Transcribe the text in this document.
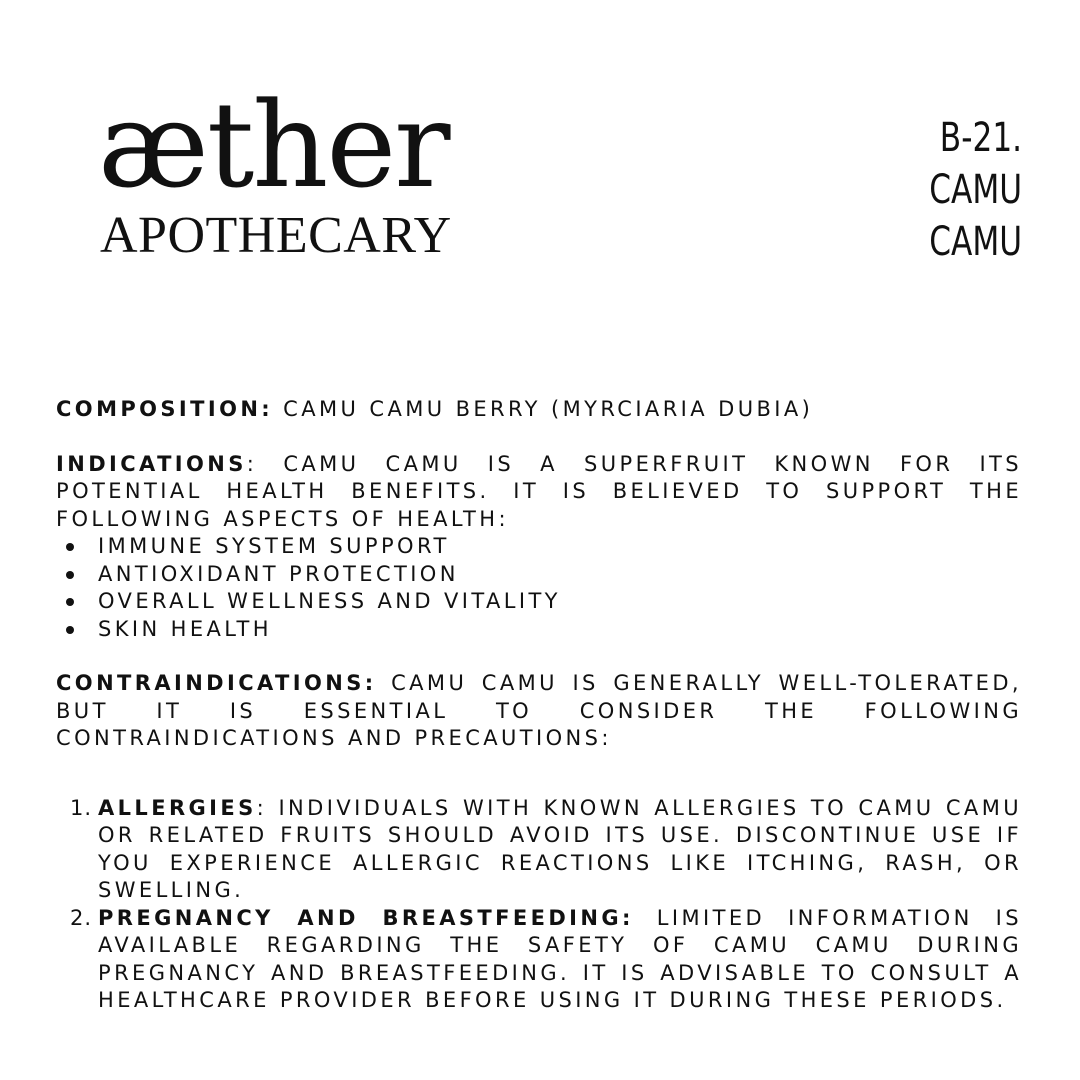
æther
APOTHECARY
B-21.
CAMU
CAMU

COMPOSITION: CAMU CAMU BERRY (MYRCIARIA DUBIA)

INDICATIONS: CAMU CAMU IS A SUPERFRUIT KNOWN FOR ITS POTENTIAL HEALTH BENEFITS. IT IS BELIEVED TO SUPPORT THE FOLLOWING ASPECTS OF HEALTH:

IMMUNE SYSTEM SUPPORT
ANTIOXIDANT PROTECTION
OVERALL WELLNESS AND VITALITY
SKIN HEALTH

CONTRAINDICATIONS: CAMU CAMU IS GENERALLY WELL-TOLERATED, BUT IT IS ESSENTIAL TO CONSIDER THE FOLLOWING CONTRAINDICATIONS AND PRECAUTIONS:

1. ALLERGIES: INDIVIDUALS WITH KNOWN ALLERGIES TO CAMU CAMU OR RELATED FRUITS SHOULD AVOID ITS USE. DISCONTINUE USE IF YOU EXPERIENCE ALLERGIC REACTIONS LIKE ITCHING, RASH, OR SWELLING.
2. PREGNANCY AND BREASTFEEDING: LIMITED INFORMATION IS AVAILABLE REGARDING THE SAFETY OF CAMU CAMU DURING PREGNANCY AND BREASTFEEDING. IT IS ADVISABLE TO CONSULT A HEALTHCARE PROVIDER BEFORE USING IT DURING THESE PERIODS.
